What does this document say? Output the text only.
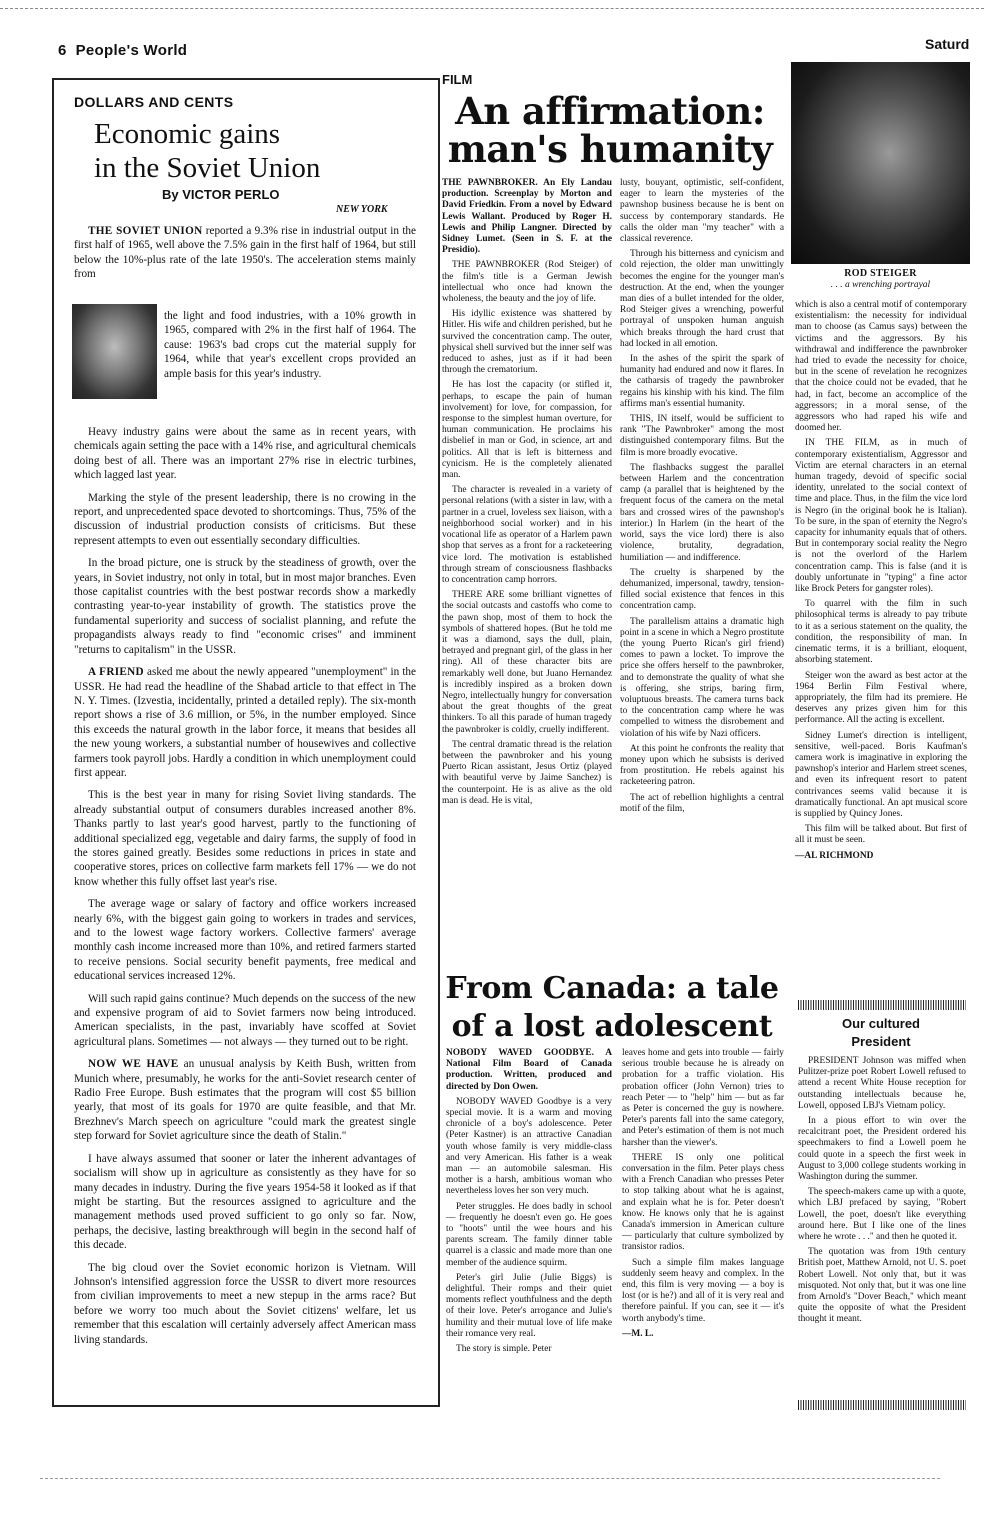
6 People's World	Saturd
DOLLARS AND CENTS
Economic gains
in the Soviet Union
By VICTOR PERLO
NEW YORK

THE SOVIET UNION reported a 9.3% rise in industrial output in the first half of 1965, well above the 7.5% gain in the first half of 1964, but still below the 10%-plus rate of the late 1950's. The acceleration stems mainly from

the light and food industries, with a 10% growth in 1965, compared with 2% in the first half of 1964. The cause: 1963's bad crops cut the material supply for 1964, while that year's excellent crops provided an ample basis for this year's industry.

Heavy industry gains were about the same as in recent years, with chemicals again setting the pace with a 14% rise, and agricultural chemicals doing best of all. There was an important 27% rise in electric turbines, which lagged last year.

Marking the style of the present leadership, there is no crowing in the report, and unprecedented space devoted to shortcomings. Thus, 75% of the discussion of industrial production consists of criticisms. But these represent attempts to even out essentially secondary difficulties.

In the broad picture, one is struck by the steadiness of growth, over the years, in Soviet industry, not only in total, but in most major branches. Even those capitalist countries with the best postwar records show a markedly contrasting year-to-year instability of growth. The statistics prove the fundamental superiority and success of socialist planning, and refute the propagandists always ready to find "economic crises" and imminent "returns to capitalism" in the USSR.

A FRIEND asked me about the newly appeared "unemployment" in the USSR. He had read the headline of the Shabad article to that effect in The N. Y. Times. (Izvestia, incidentally, printed a detailed reply). The six-month report shows a rise of 3.6 million, or 5%, in the number employed. Since this exceeds the natural growth in the labor force, it means that besides all the new young workers, a substantial number of housewives and collective farmers took payroll jobs. Hardly a condition in which unemployment could first appear.

This is the best year in many for rising Soviet living standards. The already substantial output of consumers durables increased another 8%. Thanks partly to last year's good harvest, partly to the functioning of additional specialized egg, vegetable and dairy farms, the supply of food in the stores gained greatly. Besides some reductions in prices in state and cooperative stores, prices on collective farm markets fell 17% — we do not know whether this fully offset last year's rise.

The average wage or salary of factory and office workers increased nearly 6%, with the biggest gain going to workers in trades and services, and to the lowest wage factory workers. Collective farmers' average monthly cash income increased more than 10%, and retired farmers started to receive pensions. Social security benefit payments, free medical and educational services increased 12%.

Will such rapid gains continue? Much depends on the success of the new and expensive program of aid to Soviet farmers now being introduced. American specialists, in the past, invariably have scoffed at Soviet agricultural plans. Sometimes — not always — they turned out to be right.

NOW WE HAVE an unusual analysis by Keith Bush, written from Munich where, presumably, he works for the anti-Soviet research center of Radio Free Europe. Bush estimates that the program will cost $5 billion yearly, that most of its goals for 1970 are quite feasible, and that Mr. Brezhnev's March speech on agriculture "could mark the greatest single step forward for Soviet agriculture since the death of Stalin."

I have always assumed that sooner or later the inherent advantages of socialism will show up in agriculture as consistently as they have for so many decades in industry. During the five years 1954-58 it looked as if that might be starting. But the resources assigned to agriculture and the management methods used proved sufficient to go only so far. Now, perhaps, the decisive, lasting breakthrough will begin in the second half of this decade.

The big cloud over the Soviet economic horizon is Vietnam. Will Johnson's intensified aggression force the USSR to divert more resources from civilian improvements to meet a new stepup in the arms race? But before we worry too much about the Soviet citizens' welfare, let us remember that this escalation will certainly adversely affect American mass living standards.

FILM
An affirmation:
man's humanity

THE PAWNBROKER. An Ely Landau production. Screenplay by Morton and David Friedkin. From a novel by Edward Lewis Wallant. Produced by Roger H. Lewis and Philip Langner. Directed by Sidney Lumet. (Seen in S. F. at the Presidio).

THE PAWNBROKER (Rod Steiger) of the film's title is a German Jewish intellectual who once had known the wholeness, the beauty and the joy of life.

His idyllic existence was shattered by Hitler. His wife and children perished, but he survived the concentration camp. The outer, physical shell survived but the inner self was reduced to ashes, just as if it had been through the crematorium.

He has lost the capacity (or stifled it, perhaps, to escape the pain of human involvement) for love, for compassion, for response to the simplest human overture, for human communication. He proclaims his disbelief in man or God, in science, art and politics. All that is left is bitterness and cynicism. He is the completely alienated man.

The character is revealed in a variety of personal relations (with a sister in law, with a partner in a cruel, loveless sex liaison, with a neighborhood social worker) and in his vocational life as operator of a Harlem pawn shop that serves as a front for a racketeering vice lord. The motivation is established through stream of consciousness flashbacks to concentration camp horrors.

THERE ARE some brilliant vignettes of the social outcasts and castoffs who come to the pawn shop, most of them to hock the symbols of shattered hopes. (But he told me it was a diamond, says the dull, plain, betrayed and pregnant girl, of the glass in her ring). All of these character bits are remarkably well done, but Juano Hernandez is incredibly inspired as a broken down Negro, intellectually hungry for conversation about the great thoughts of the great thinkers. To all this parade of human tragedy the pawnbroker is coldly, cruelly indifferent.

The central dramatic thread is the relation between the pawnbroker and his young Puerto Rican assistant, Jesus Ortiz (played with beautiful verve by Jaime Sanchez) is the counterpoint. He is as alive as the old man is dead. He is vital,

lusty, bouyant, optimistic, self-confident, eager to learn the mysteries of the pawnshop business because he is bent on success by contemporary standards. He calls the older man "my teacher" with a classical reverence.

Through his bitterness and cynicism and cold rejection, the older man unwittingly becomes the engine for the younger man's destruction. At the end, when the younger man dies of a bullet intended for the older, Rod Steiger gives a wrenching, powerful portrayal of unspoken human anguish which breaks through the hard crust that had locked in all emotion.

In the ashes of the spirit the spark of humanity had endured and now it flares. In the catharsis of tragedy the pawnbroker regains his kinship with his kind. The film affirms man's essential humanity.

THIS, IN itself, would be sufficient to rank "The Pawnbroker" among the most distinguished contemporary films. But the film is more broadly evocative.

The flashbacks suggest the parallel between Harlem and the concentration camp (a parallel that is heightened by the frequent focus of the camera on the metal bars and crossed wires of the pawnshop's interior.) In Harlem (in the heart of the world, says the vice lord) there is also violence, brutality, degradation, humiliation — and indifference.

The cruelty is sharpened by the dehumanized, impersonal, tawdry, tension-filled social existence that fences in this concentration camp.

The parallelism attains a dramatic high point in a scene in which a Negro prostitute (the young Puerto Rican's girl friend) comes to pawn a locket. To improve the price she offers herself to the pawnbroker, and to demonstrate the quality of what she is offering, she strips, baring firm, voluptuous breasts. The camera turns back to the concentration camp where he was compelled to witness the disrobement and violation of his wife by Nazi officers.

At this point he confronts the reality that money upon which he subsists is derived from prostitution. He rebels against his racketeering patron.

The act of rebellion highlights a central motif of the film,

ROD STEIGER
. . . a wrenching portrayal

which is also a central motif of contemporary existentialism: the necessity for individual man to choose (as Camus says) between the victims and the aggressors. By his withdrawal and indifference the pawnbroker had tried to evade the necessity for choice, but in the scene of revelation he recognizes that the choice could not be evaded, that he had, in fact, become an accomplice of the aggressors; in a moral sense, of the aggressors who had raped his wife and doomed her.

IN THE FILM, as in much of contemporary existentialism, Aggressor and Victim are eternal characters in an eternal human tragedy, devoid of specific social identity, unrelated to the social context of time and place. Thus, in the film the vice lord is Negro (in the original book he is Italian). To be sure, in the span of eternity the Negro's capacity for inhumanity equals that of others. But in contemporary social reality the Negro is not the overlord of the Harlem concentration camp. This is false (and it is doubly unfortunate in "typing" a fine actor like Brock Peters for gangster roles).

To quarrel with the film in such philosophical terms is already to pay tribute to it as a serious statement on the quality, the condition, the responsibility of man. In cinematic terms, it is a brilliant, eloquent, absorbing statement.

Steiger won the award as best actor at the 1964 Berlin Film Festival where, appropriately, the film had its premiere. He deserves any prizes given him for this performance. All the acting is excellent.

Sidney Lumet's direction is intelligent, sensitive, well-paced. Boris Kaufman's camera work is imaginative in exploring the pawnshop's interior and Harlem street scenes, and even its infrequent resort to patent contrivances seems valid because it is dramatically functional. An apt musical score is supplied by Quincy Jones.

This film will be talked about. But first of all it must be seen.

—AL RICHMOND

From Canada: a tale
of a lost adolescent

NOBODY WAVED GOODBYE. A National Film Board of Canada production. Written, produced and directed by Don Owen.

NOBODY WAVED Goodbye is a very special movie. It is a warm and moving chronicle of a boy's adolescence. Peter (Peter Kastner) is an attractive Canadian youth whose family is very middle-class and very American. His father is a weak man — an automobile salesman. His mother is a harsh, ambitious woman who nevertheless loves her son very much.

Peter struggles. He does badly in school — frequently he doesn't even go. He goes to "hoots" until the wee hours and his parents scream. The family dinner table quarrel is a classic and made more than one member of the audience squirm.

Peter's girl Julie (Julie Biggs) is delightful. Their romps and their quiet moments reflect youthfulness and the depth of their love. Peter's arrogance and Julie's humility and their mutual love of life make their romance very real.

The story is simple. Peter

leaves home and gets into trouble — fairly serious trouble because he is already on probation for a traffic violation. His probation officer (John Vernon) tries to reach Peter — to "help" him — but as far as Peter is concerned the guy is nowhere. Peter's parents fall into the same category, and Peter's estimation of them is not much harsher than the viewer's.

THERE IS only one political conversation in the film. Peter plays chess with a French Canadian who presses Peter to stop talking about what he is against, and explain what he is for. Peter doesn't know. He knows only that he is against Canada's immersion in American culture — particularly that culture symbolized by transistor radios.

Such a simple film makes language suddenly seem heavy and complex. In the end, this film is very moving — a boy is lost (or is he?) and all of it is very real and therefore painful. If you can, see it — it's worth anybody's time.

—M. L.

Our cultured
President

PRESIDENT Johnson was miffed when Pulitzer-prize poet Robert Lowell refused to attend a recent White House reception for outstanding intellectuals because he, Lowell, opposed LBJ's Vietnam policy.

In a pious effort to win over the recalcitrant poet, the President ordered his speechmakers to find a Lowell poem he could quote in a speech the first week in August to 3,000 college students working in Washington during the summer.

The speech-makers came up with a quote, which LBJ prefaced by saying, "Robert Lowell, the poet, doesn't like everything around here. But I like one of the lines where he wrote . . ." and then he quoted it.

The quotation was from 19th century British poet, Matthew Arnold, not U. S. poet Robert Lowell. Not only that, but it was misquoted. Not only that, but it was one line from Arnold's "Dover Beach," which meant quite the opposite of what the President thought it meant.
